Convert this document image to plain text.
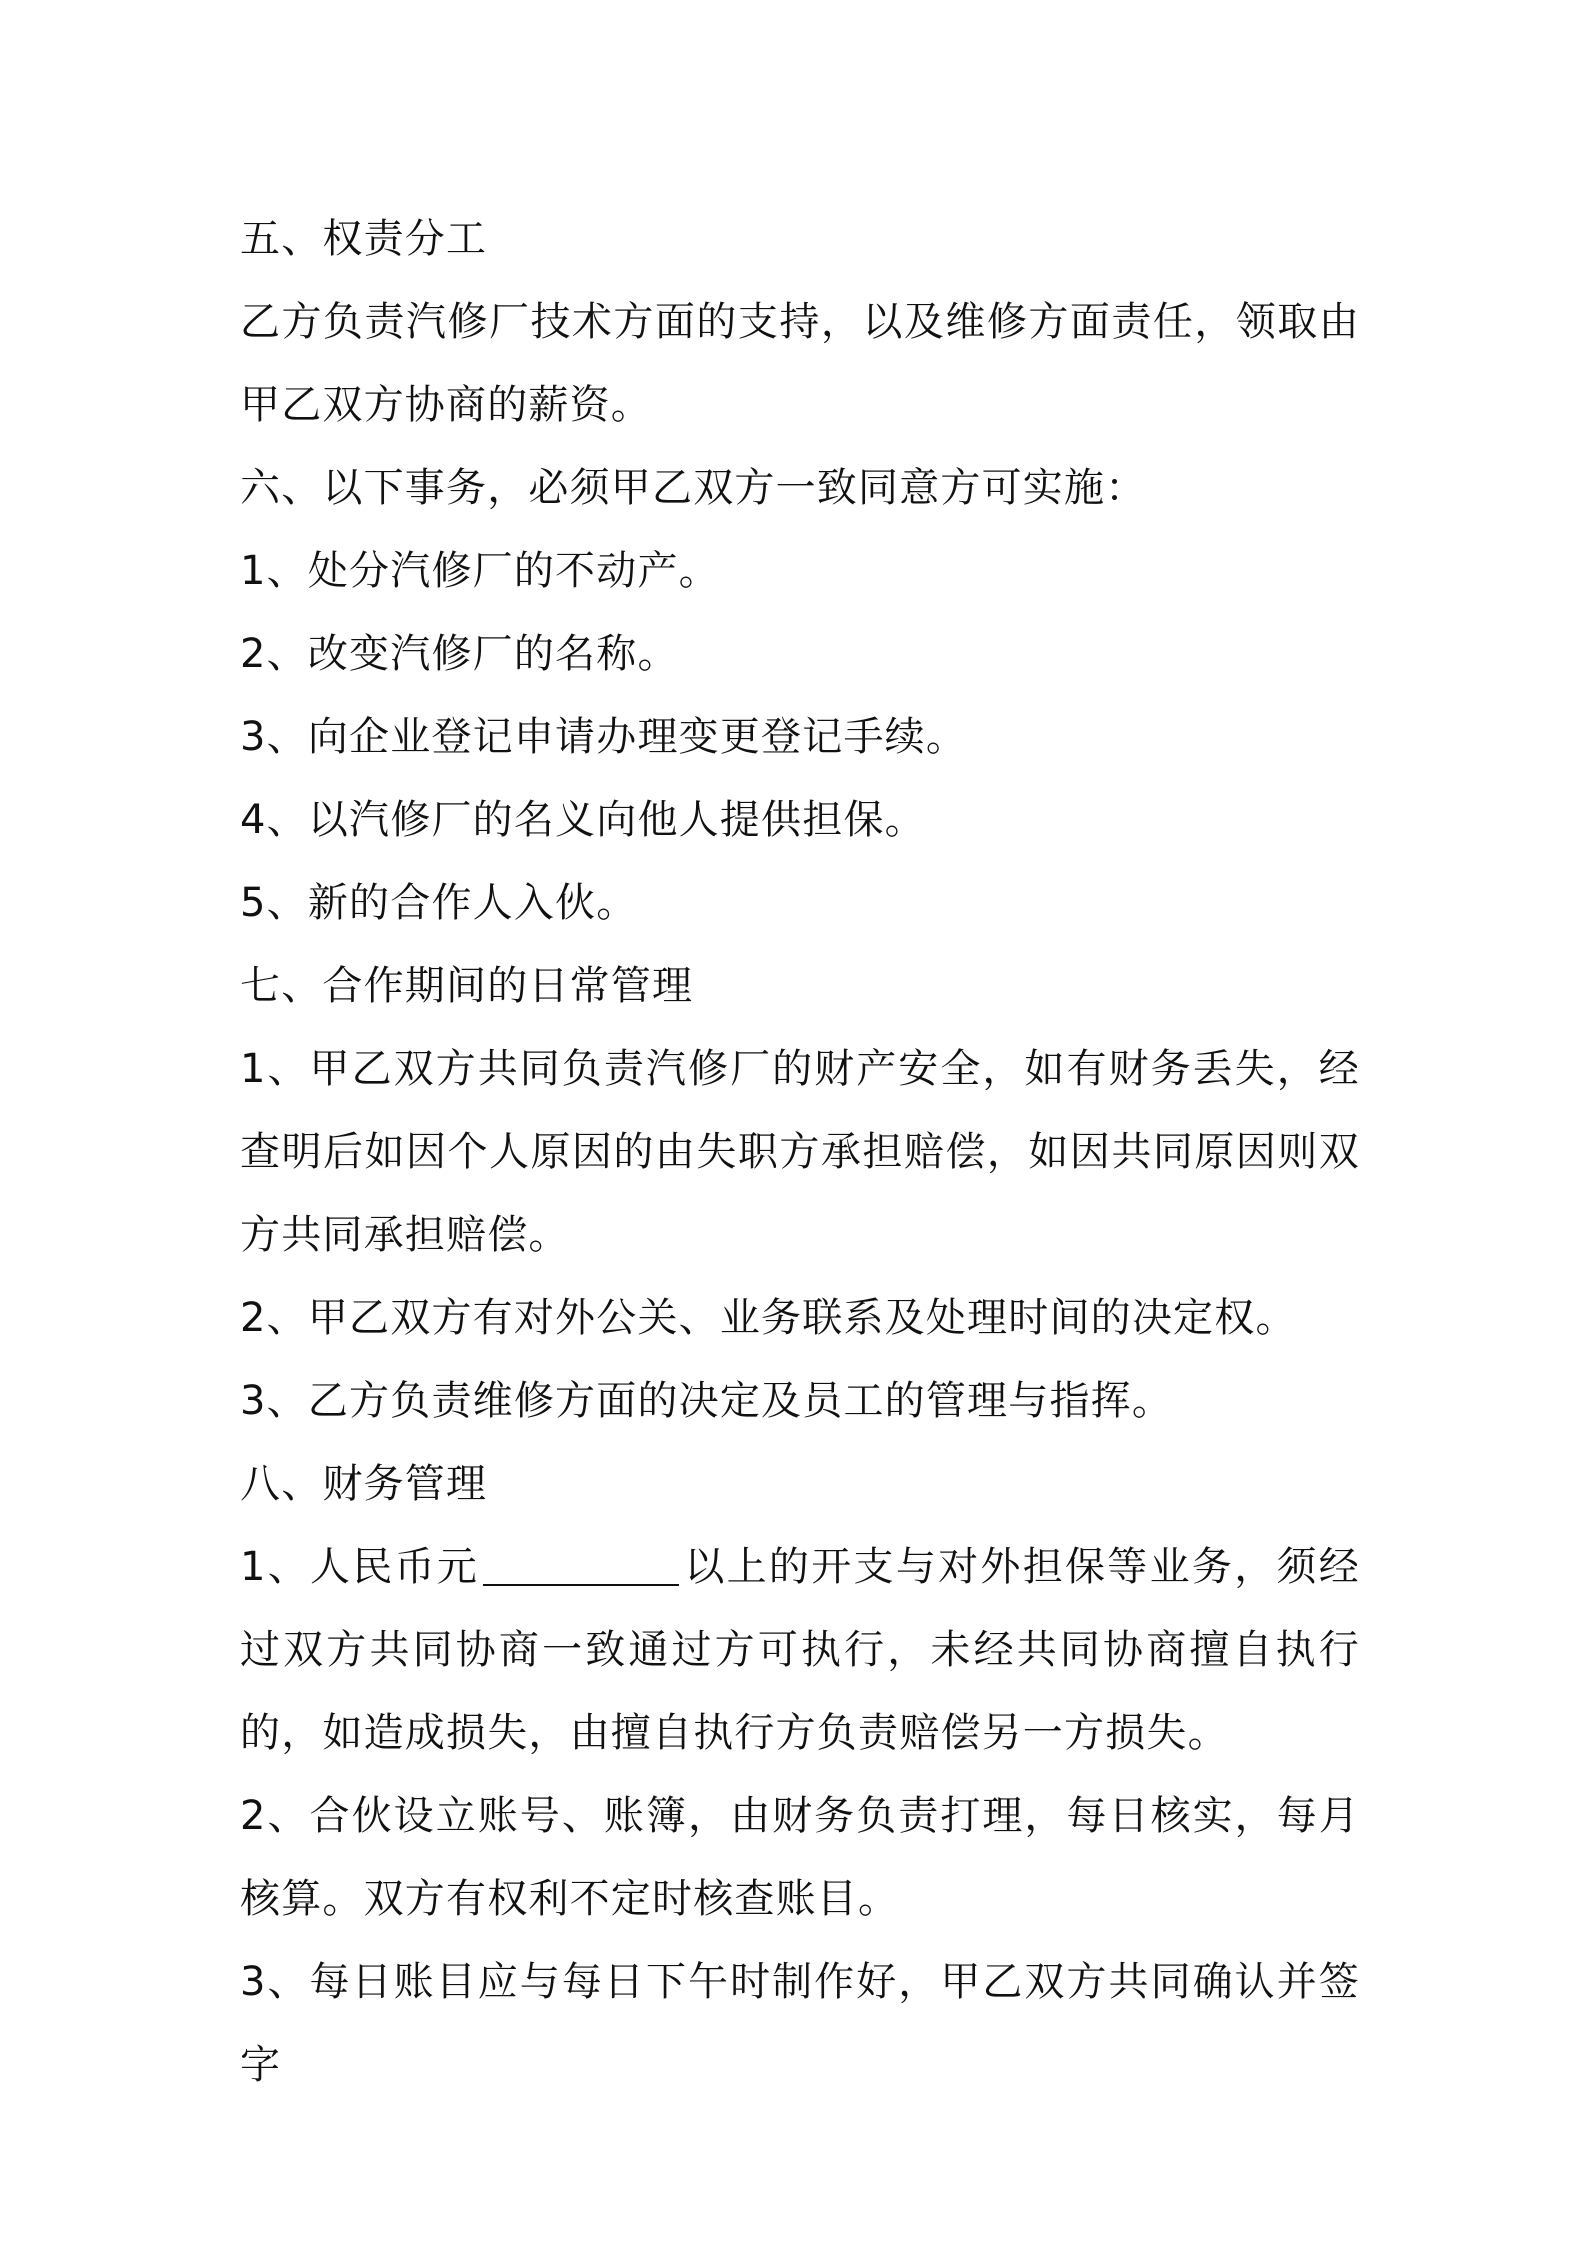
五、权责分工

乙方负责汽修厂技术方面的支持，以及维修方面责任，领取由甲乙双方协商的薪资。

六、以下事务，必须甲乙双方一致同意方可实施：

1、处分汽修厂的不动产。

2、改变汽修厂的名称。

3、向企业登记申请办理变更登记手续。

4、以汽修厂的名义向他人提供担保。

5、新的合作人入伙。

七、合作期间的日常管理

1、甲乙双方共同负责汽修厂的财产安全，如有财务丢失，经查明后如因个人原因的由失职方承担赔偿，如因共同原因则双方共同承担赔偿。

2、甲乙双方有对外公关、业务联系及处理时间的决定权。

3、乙方负责维修方面的决定及员工的管理与指挥。

八、财务管理

1、人民币元	以上的开支与对外担保等业务，须经过双方共同协商一致通过方可执行，未经共同协商擅自执行的，如造成损失，由擅自执行方负责赔偿另一方损失。

2、合伙设立账号、账簿，由财务负责打理，每日核实，每月核算。双方有权利不定时核查账目。

3、每日账目应与每日下午时制作好，甲乙双方共同确认并签字
